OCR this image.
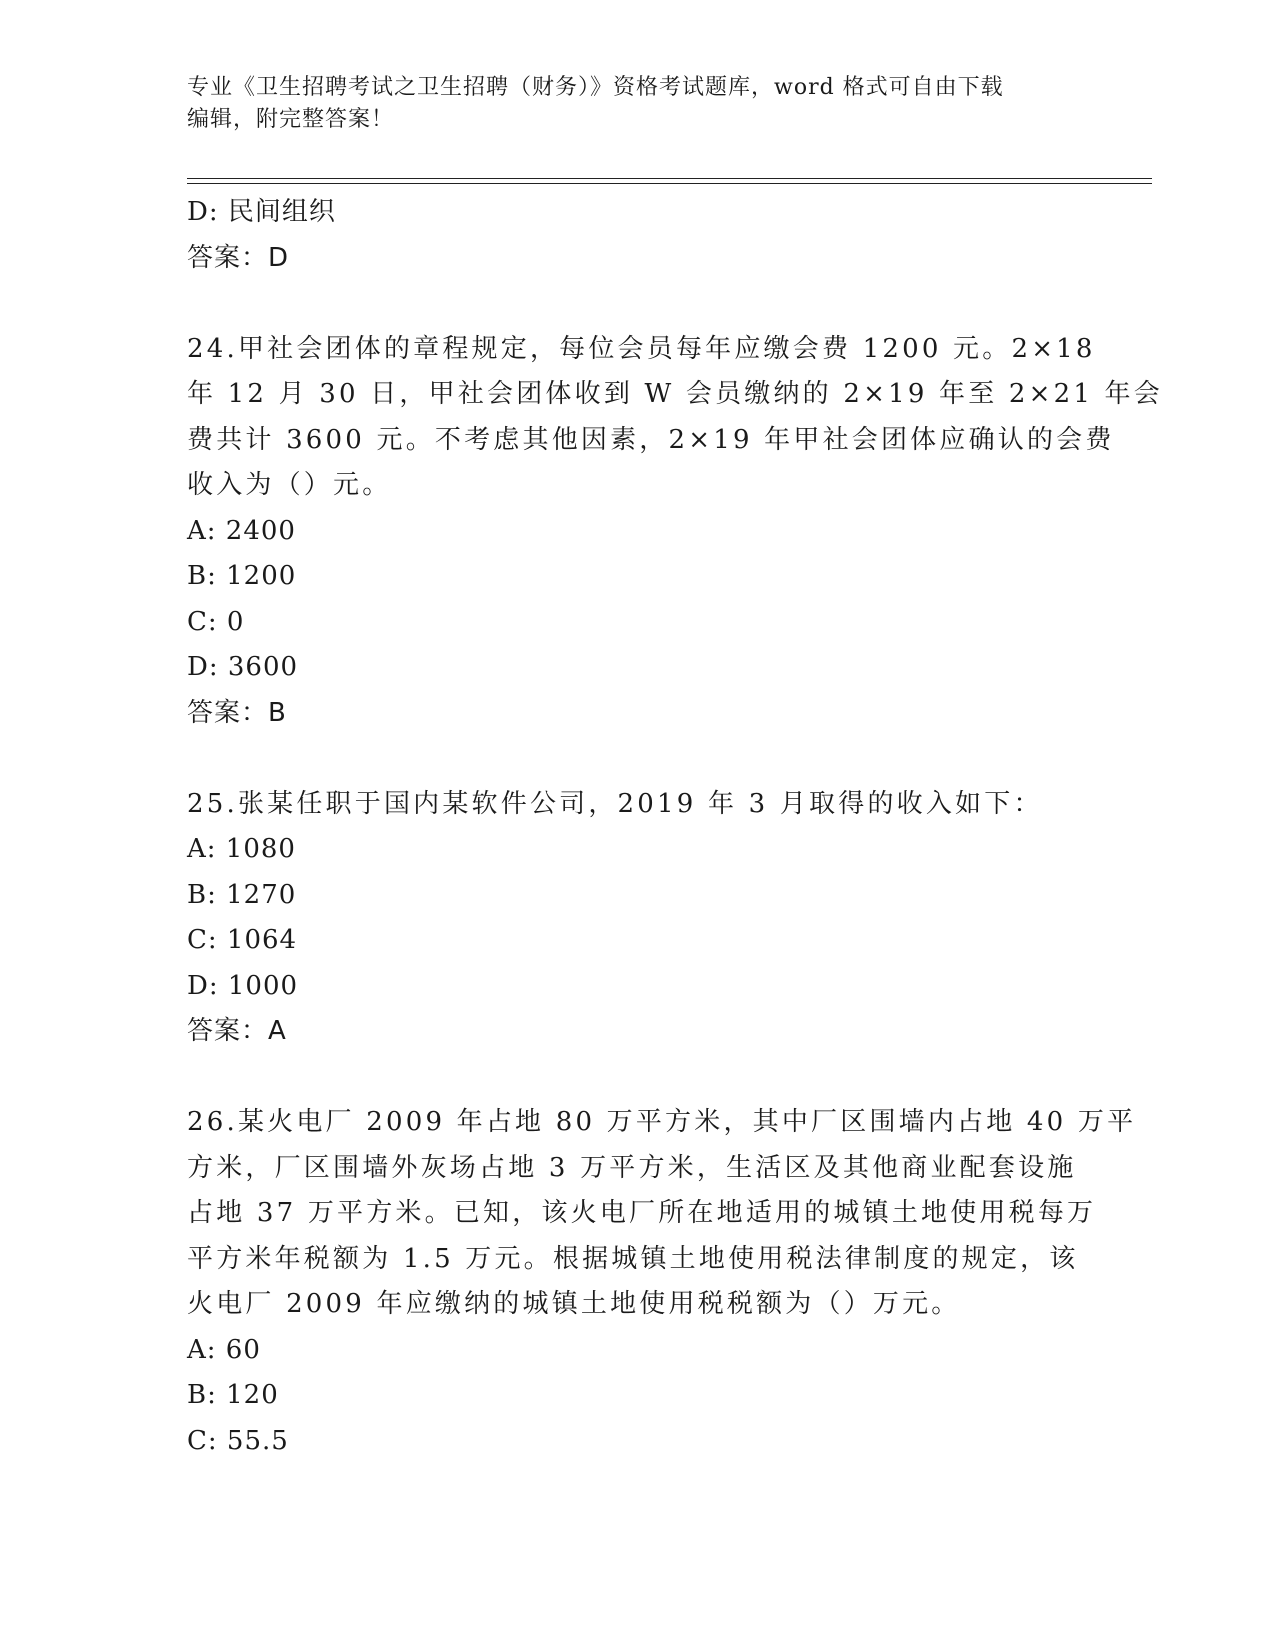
专业《卫生招聘考试之卫生招聘（财务）》资格考试题库，word 格式可自由下载
编辑，附完整答案！
D: 民间组织
答案：D
24.甲社会团体的章程规定，每位会员每年应缴会费 1200 元。2×18
年 12 月 30 日，甲社会团体收到 W 会员缴纳的 2×19 年至 2×21 年会
费共计 3600 元。不考虑其他因素，2×19 年甲社会团体应确认的会费
收入为（）元。
A: 2400
B: 1200
C: 0
D: 3600
答案：B
25.张某任职于国内某软件公司，2019 年 3 月取得的收入如下：
A: 1080
B: 1270
C: 1064
D: 1000
答案：A
26.某火电厂 2009 年占地 80 万平方米，其中厂区围墙内占地 40 万平
方米，厂区围墙外灰场占地 3 万平方米，生活区及其他商业配套设施
占地 37 万平方米。已知，该火电厂所在地适用的城镇土地使用税每万
平方米年税额为 1.5 万元。根据城镇土地使用税法律制度的规定，该
火电厂 2009 年应缴纳的城镇土地使用税税额为（）万元。
A: 60
B: 120
C: 55.5
